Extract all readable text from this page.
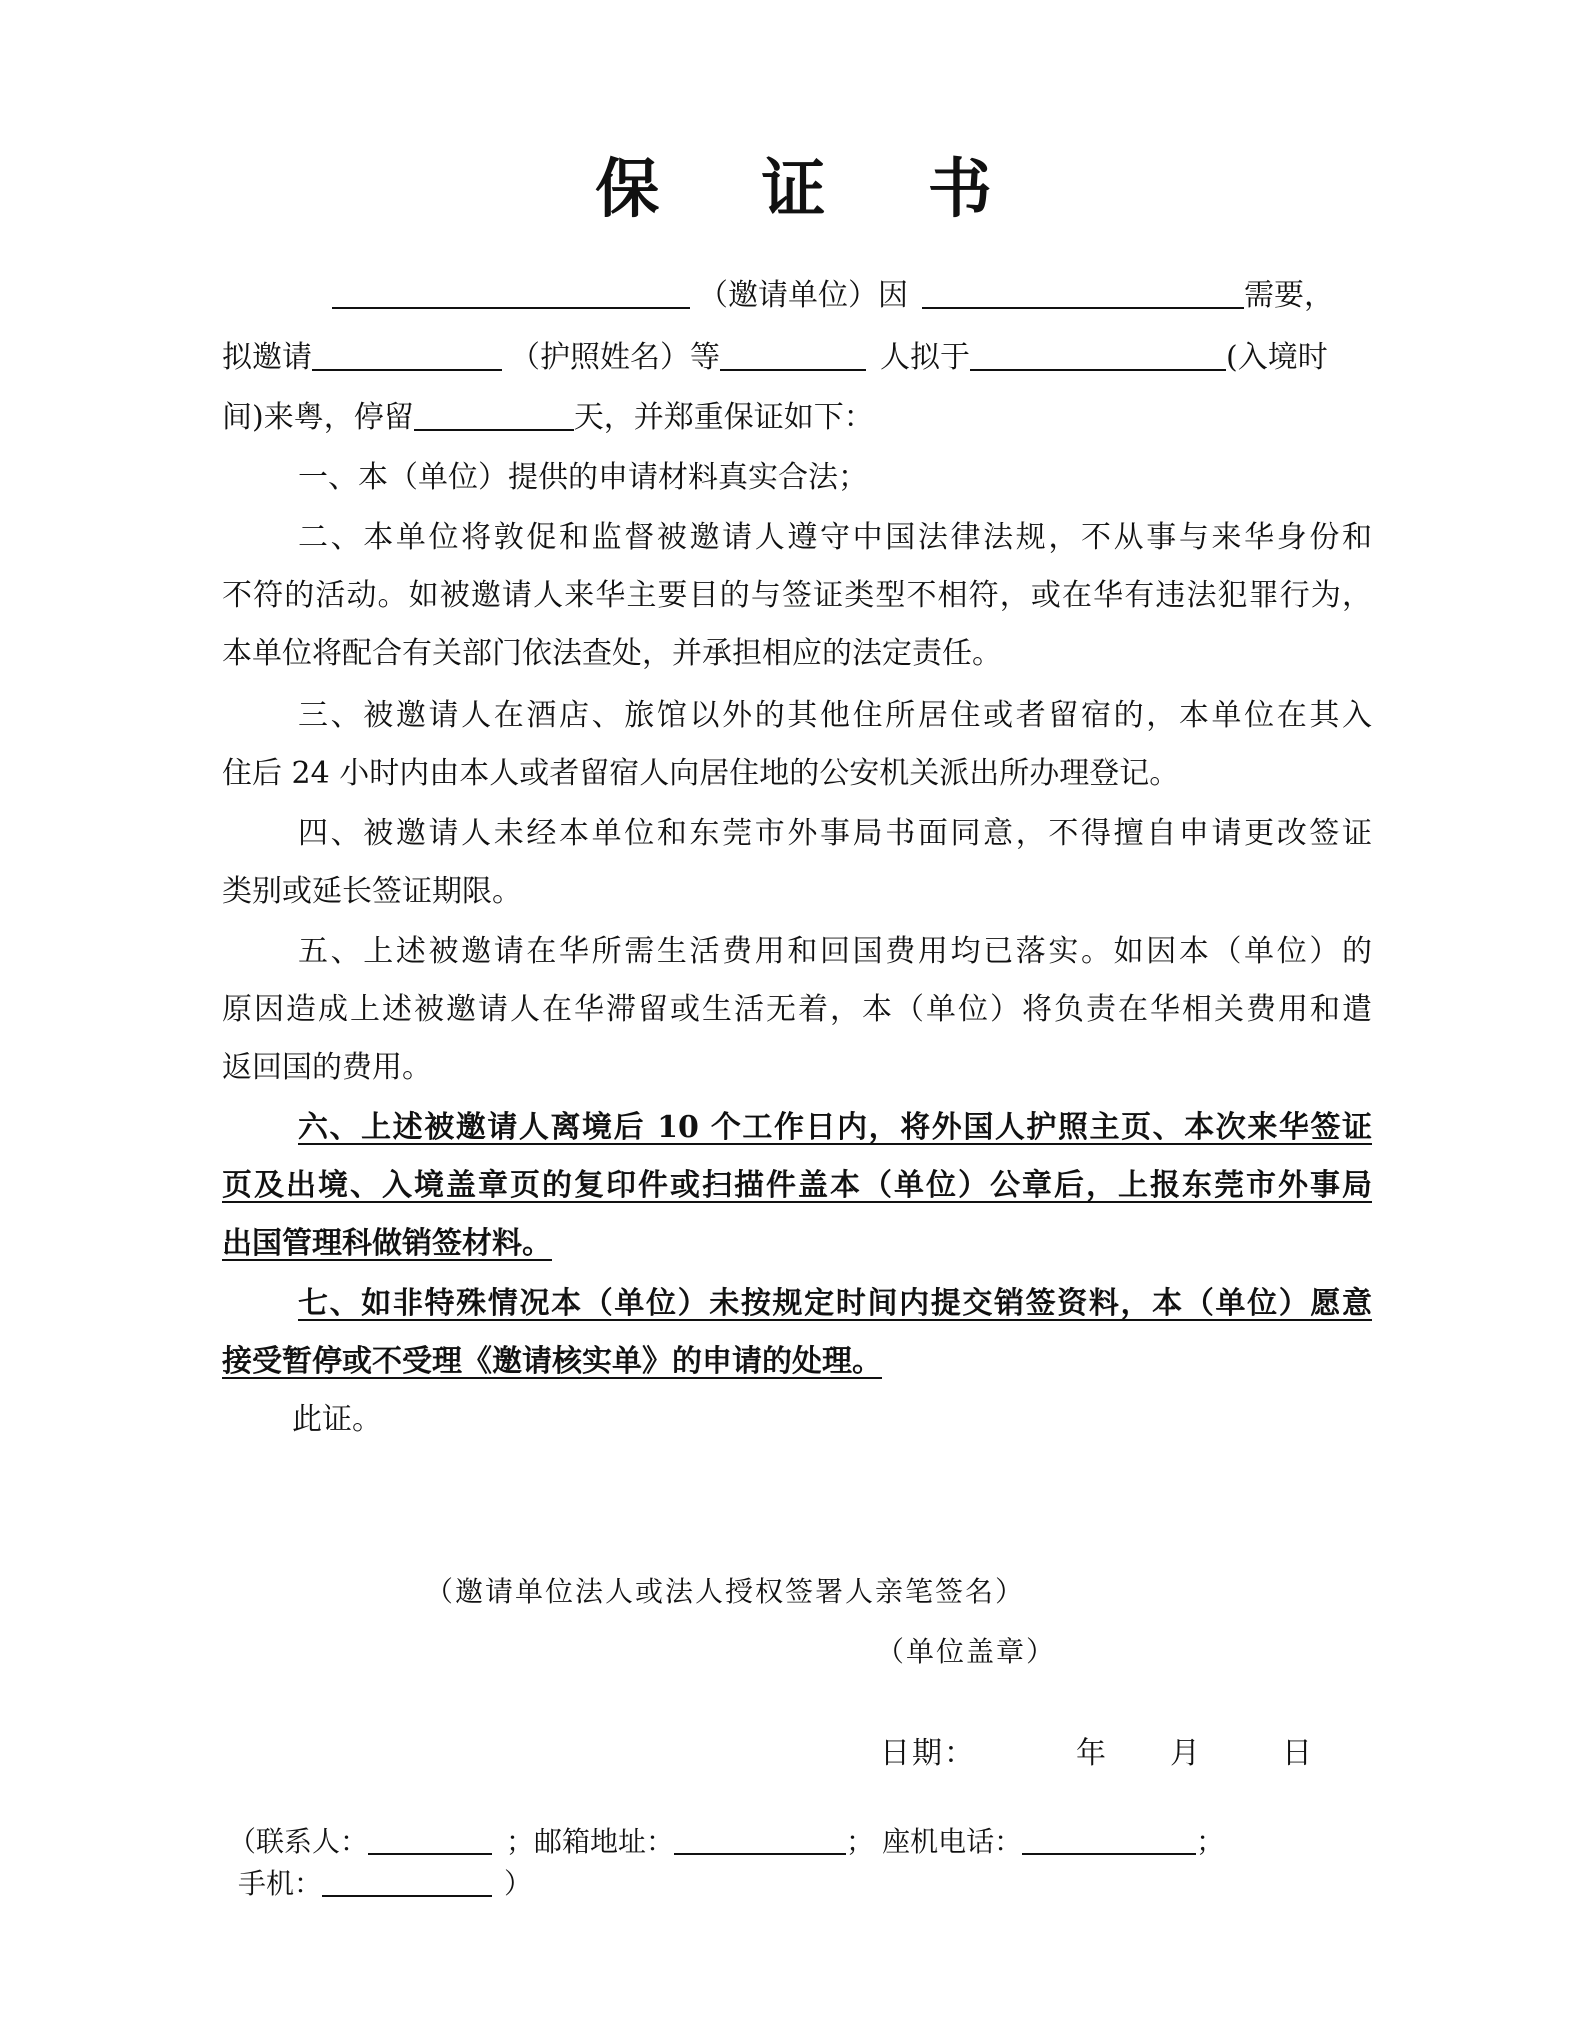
保 证 书
（邀请单位）因	需要，
拟邀请	（护照姓名）等	人拟于	(入境时
间)来粤，停留	天，并郑重保证如下：
一、本（单位）提供的申请材料真实合法；
二、本单位将敦促和监督被邀请人遵守中国法律法规，不从事与来华身份和
不符的活动。如被邀请人来华主要目的与签证类型不相符，或在华有违法犯罪行为，
本单位将配合有关部门依法查处，并承担相应的法定责任。
三、被邀请人在酒店、旅馆以外的其他住所居住或者留宿的，本单位在其入
住后 24 小时内由本人或者留宿人向居住地的公安机关派出所办理登记。
四、被邀请人未经本单位和东莞市外事局书面同意，不得擅自申请更改签证
类别或延长签证期限。
五、上述被邀请在华所需生活费用和回国费用均已落实。如因本（单位）的
原因造成上述被邀请人在华滞留或生活无着，本（单位）将负责在华相关费用和遣
返回国的费用。
六、上述被邀请人离境后 10 个工作日内，将外国人护照主页、本次来华签证
页及出境、入境盖章页的复印件或扫描件盖本（单位）公章后，上报东莞市外事局
出国管理科做销签材料。
七、如非特殊情况本（单位）未按规定时间内提交销签资料，本（单位）愿意
接受暂停或不受理《邀请核实单》的申请的处理。
此证。
（邀请单位法人或法人授权签署人亲笔签名）
（单位盖章）
日期：	年 月	日
（联系人：	；邮箱地址：	； 座机电话：	；
手机：	）
